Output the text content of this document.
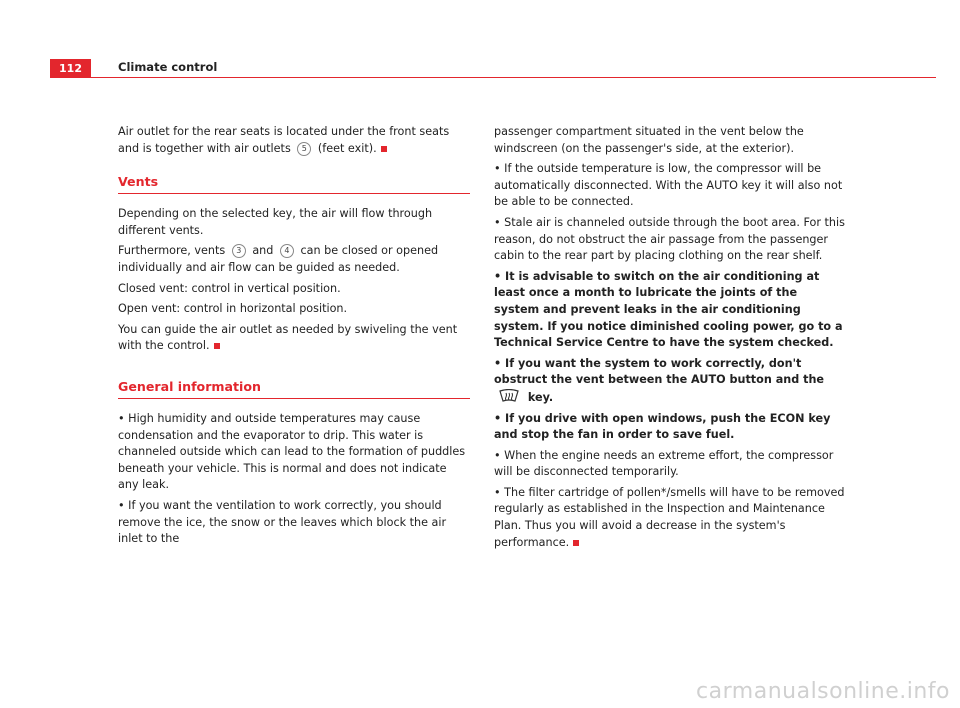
112	Climate control

Air outlet for the rear seats is located under the front seats and is together with air outlets 5 (feet exit).

Vents

Depending on the selected key, the air will flow through different vents.

Furthermore, vents 3 and 4 can be closed or opened individually and air flow can be guided as needed.

Closed vent: control in vertical position.

Open vent: control in horizontal position.

You can guide the air outlet as needed by swiveling the vent with the control.

General information

• High humidity and outside temperatures may cause condensation and the evaporator to drip. This water is channeled outside which can lead to the formation of puddles beneath your vehicle. This is normal and does not indicate any leak.

• If you want the ventilation to work correctly, you should remove the ice, the snow or the leaves which block the air inlet to the

passenger compartment situated in the vent below the windscreen (on the passenger's side, at the exterior).

• If the outside temperature is low, the compressor will be automatically disconnected. With the AUTO key it will also not be able to be connected.

• Stale air is channeled outside through the boot area. For this reason, do not obstruct the air passage from the passenger cabin to the rear part by placing clothing on the rear shelf.

• It is advisable to switch on the air conditioning at least once a month to lubricate the joints of the system and prevent leaks in the air conditioning system. If you notice diminished cooling power, go to a Technical Service Centre to have the system checked.

• If you want the system to work correctly, don't obstruct the vent between the AUTO button and the  key.

• If you drive with open windows, push the ECON key and stop the fan in order to save fuel.

• When the engine needs an extreme effort, the compressor will be disconnected temporarily.

• The filter cartridge of pollen*/smells will have to be removed regularly as established in the Inspection and Maintenance Plan. Thus you will avoid a decrease in the system's performance.

carmanualsonline.info
